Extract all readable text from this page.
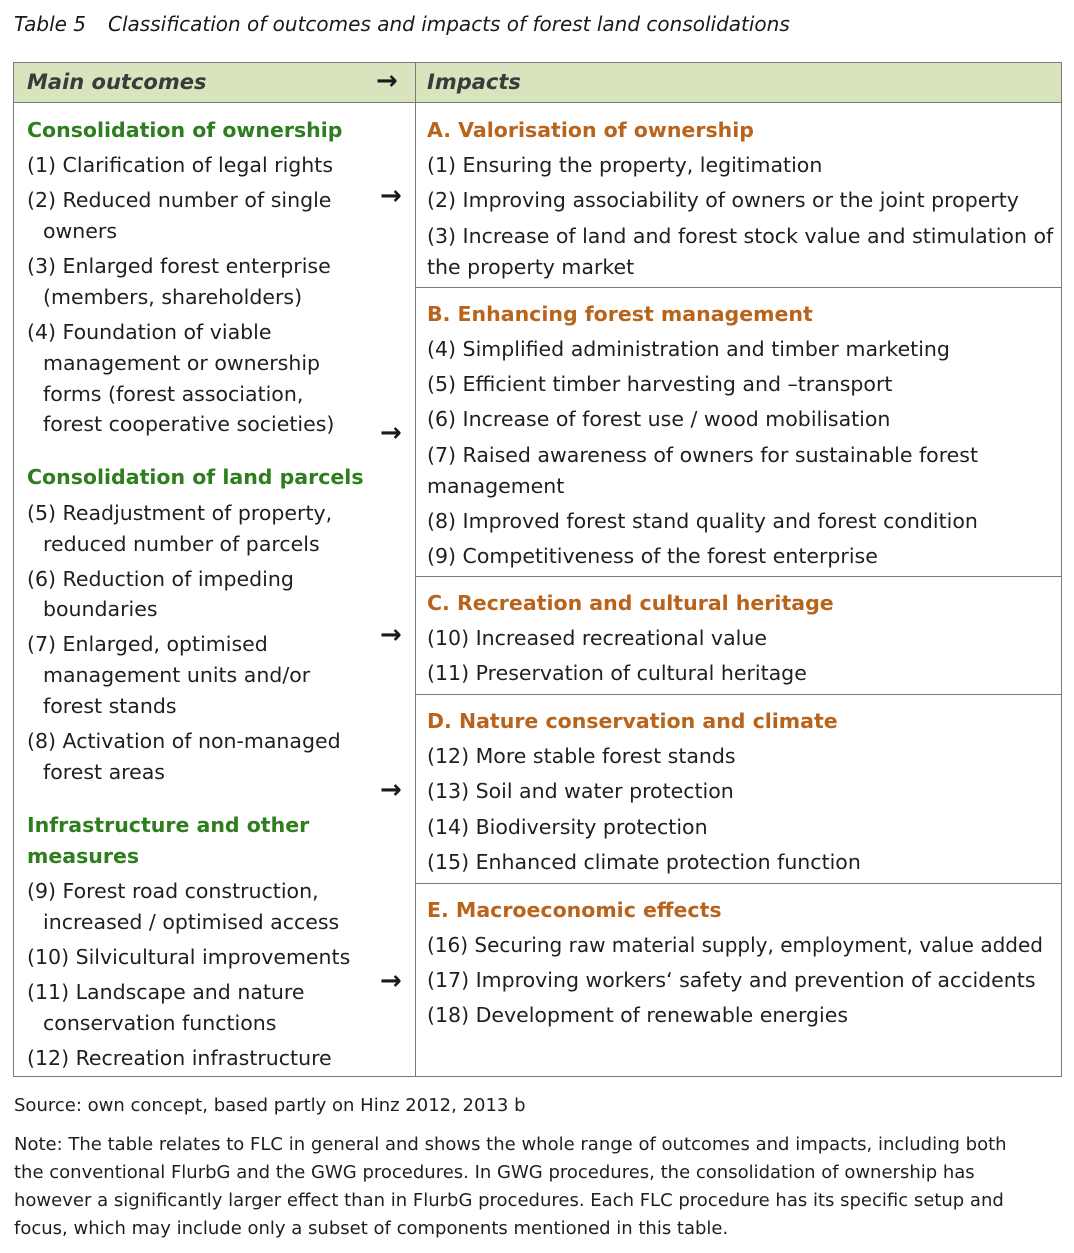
Table 5 Classification of outcomes and impacts of forest land consolidations
Main outcomes	→ Impacts
Consolidation of ownership
(1) Clarification of legal rights
(2) Reduced number of single
owners
(3) Enlarged forest enterprise
(members, shareholders)
(4) Foundation of viable
management or ownership
forms (forest association,
forest cooperative societies)
Consolidation of land parcels
(5) Readjustment of property,
reduced number of parcels
(6) Reduction of impeding
boundaries
(7) Enlarged, optimised
management units and/or
forest stands
(8) Activation of non-managed
forest areas
Infrastructure and other
measures
(9) Forest road construction,
increased / optimised access
(10) Silvicultural improvements
(11) Landscape and nature
conservation functions
(12) Recreation infrastructure
→
→
→
→
→
A. Valorisation of ownership
(1) Ensuring the property, legitimation
(2) Improving associability of owners or the joint property
(3) Increase of land and forest stock value and stimulation of
the property market
B. Enhancing forest management
(4) Simplified administration and timber marketing
(5) Efficient timber harvesting and –transport
(6) Increase of forest use / wood mobilisation
(7) Raised awareness of owners for sustainable forest
management
(8) Improved forest stand quality and forest condition
(9) Competitiveness of the forest enterprise
C. Recreation and cultural heritage
(10) Increased recreational value
(11) Preservation of cultural heritage
D. Nature conservation and climate
(12) More stable forest stands
(13) Soil and water protection
(14) Biodiversity protection
(15) Enhanced climate protection function
E. Macroeconomic effects
(16) Securing raw material supply, employment, value added
(17) Improving workers‘ safety and prevention of accidents
(18) Development of renewable energies
Source: own concept, based partly on Hinz 2012, 2013 b
Note: The table relates to FLC in general and shows the whole range of outcomes and impacts, including both
the conventional FlurbG and the GWG procedures. In GWG procedures, the consolidation of ownership has
however a significantly larger effect than in FlurbG procedures. Each FLC procedure has its specific setup and
focus, which may include only a subset of components mentioned in this table.
